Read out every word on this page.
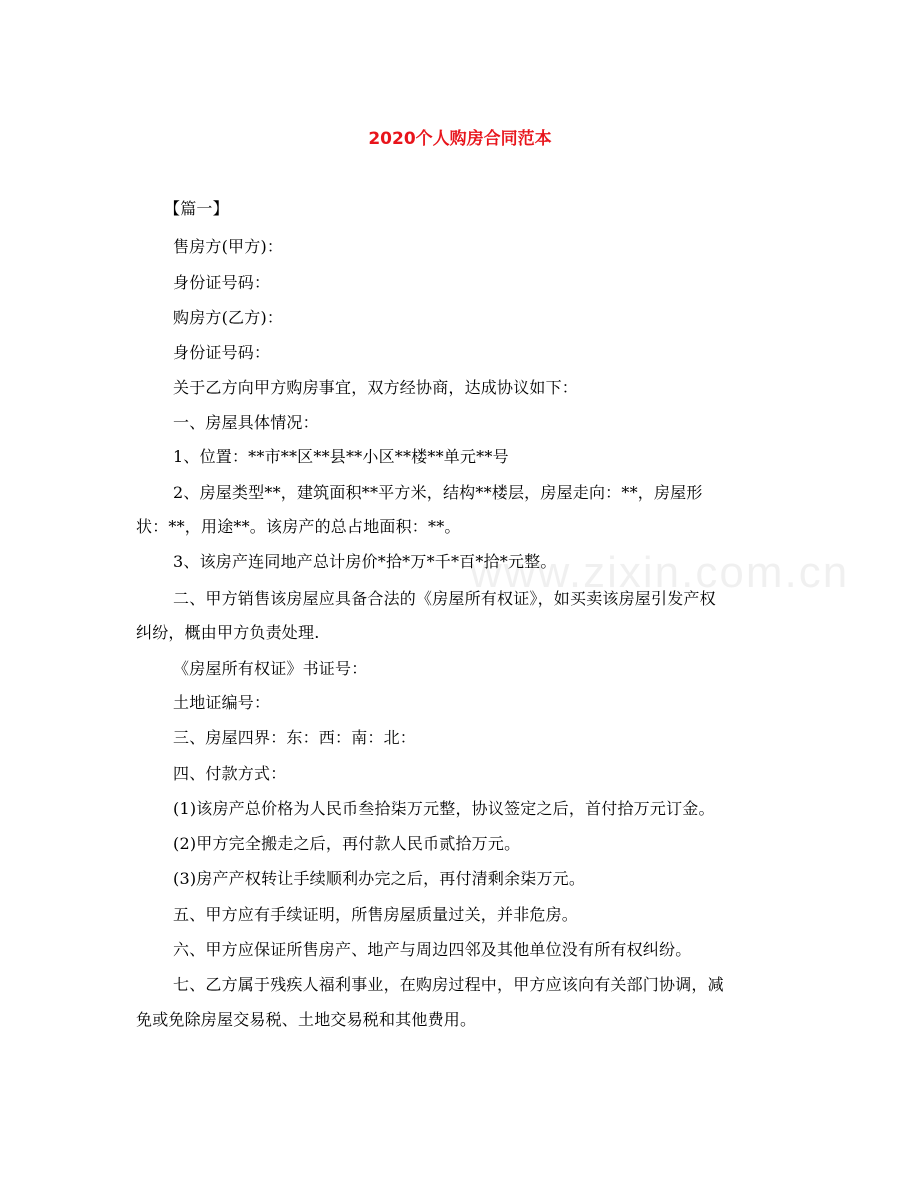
2020个人购房合同范本
www.zixin.com.cn
【篇一】
售房方(甲方)：
身份证号码：
购房方(乙方)：
身份证号码：
关于乙方向甲方购房事宜，双方经协商，达成协议如下：
一、房屋具体情况：
1、位置：**市**区**县**小区**楼**单元**号
2、房屋类型**，建筑面积**平方米，结构**楼层，房屋走向：**，房屋形
状：**，用途**。该房产的总占地面积：**。
3、该房产连同地产总计房价*拾*万*千*百*拾*元整。
二、甲方销售该房屋应具备合法的《房屋所有权证》，如买卖该房屋引发产权
纠纷，概由甲方负责处理.
《房屋所有权证》书证号：
土地证编号：
三、房屋四界：东：西：南：北：
四、付款方式：
(1)该房产总价格为人民币叁拾柒万元整，协议签定之后，首付拾万元订金。
(2)甲方完全搬走之后，再付款人民币贰拾万元。
(3)房产产权转让手续顺利办完之后，再付清剩余柒万元。
五、甲方应有手续证明，所售房屋质量过关，并非危房。
六、甲方应保证所售房产、地产与周边四邻及其他单位没有所有权纠纷。
七、乙方属于残疾人福利事业，在购房过程中，甲方应该向有关部门协调，减
免或免除房屋交易税、土地交易税和其他费用。
